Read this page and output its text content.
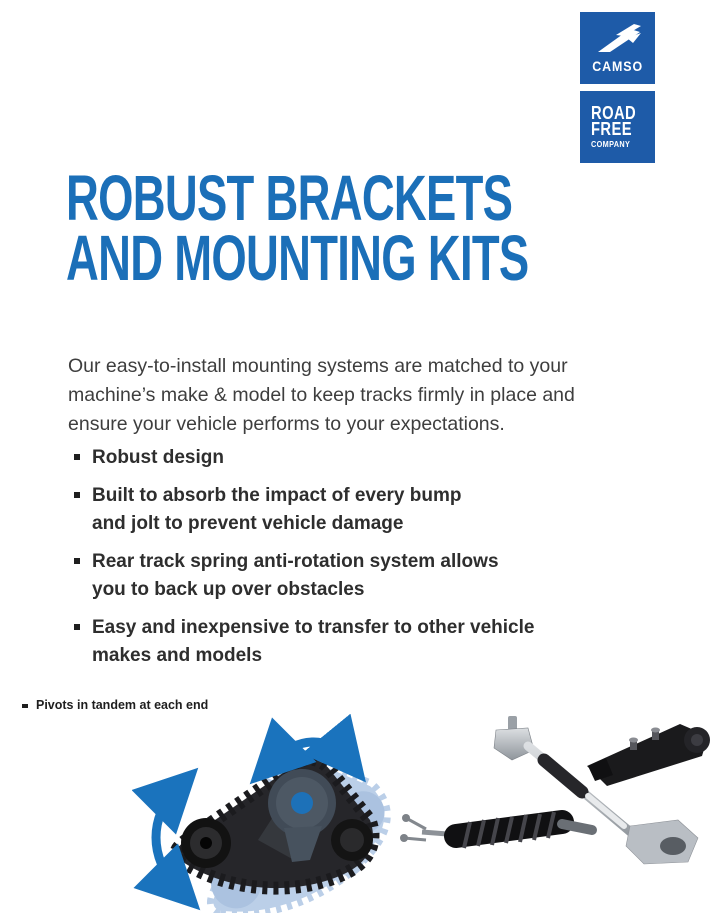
CAMSO
ROAD
FREE
COMPANY
ROBUST BRACKETS
AND MOUNTING KITS
Our easy-to-install mounting systems are matched to your
machine’s make & model to keep tracks firmly in place and
ensure your vehicle performs to your expectations.
Robust design
Built to absorb the impact of every bump
and jolt to prevent vehicle damage
Rear track spring anti-rotation system allows
you to back up over obstacles
Easy and inexpensive to transfer to other vehicle
makes and models
Pivots in tandem at each end
